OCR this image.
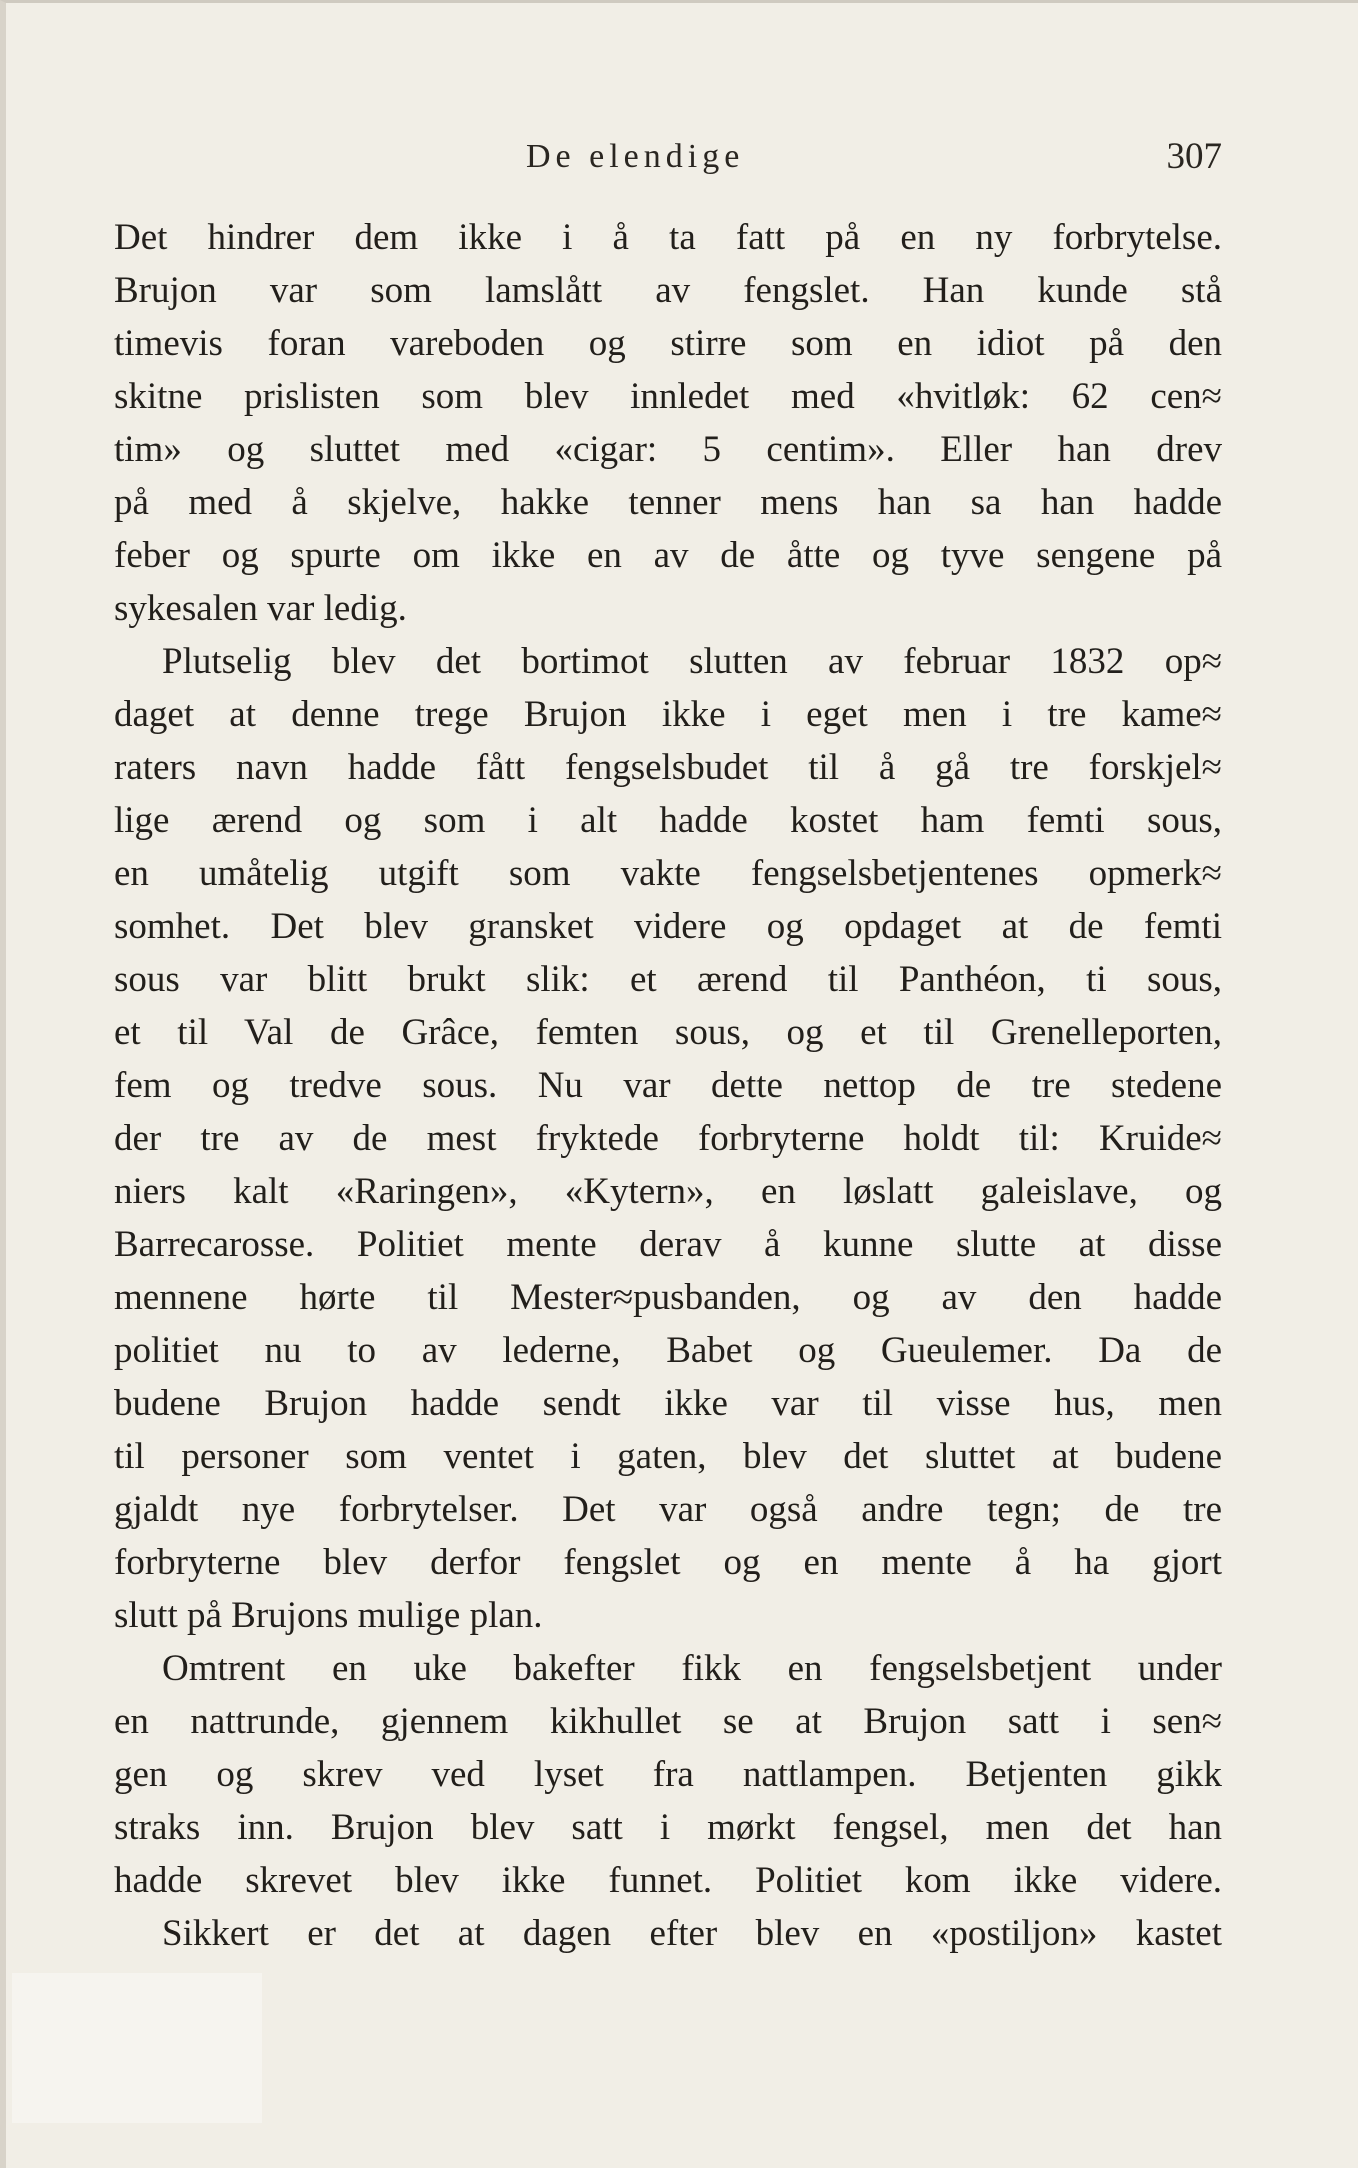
De elendige	307
Det hindrer dem ikke i å ta fatt på en ny forbrytelse.
Brujon var som lamslått av fengslet. Han kunde stå
timevis foran vareboden og stirre som en idiot på den
skitne prislisten som blev innledet med «hvitløk: 62 cen≈
tim» og sluttet med «cigar: 5 centim». Eller han drev
på med å skjelve, hakke tenner mens han sa han hadde
feber og spurte om ikke en av de åtte og tyve sengene på
sykesalen var ledig.
Plutselig blev det bortimot slutten av februar 1832 op≈
daget at denne trege Brujon ikke i eget men i tre kame≈
raters navn hadde fått fengselsbudet til å gå tre forskjel≈
lige ærend og som i alt hadde kostet ham femti sous,
en umåtelig utgift som vakte fengselsbetjentenes opmerk≈
somhet. Det blev gransket videre og opdaget at de femti
sous var blitt brukt slik: et ærend til Panthéon, ti sous,
et til Val de Grâce, femten sous, og et til Grenelleporten,
fem og tredve sous. Nu var dette nettop de tre stedene
der tre av de mest fryktede forbryterne holdt til: Kruide≈
niers kalt «Raringen», «Kytern», en løslatt galeislave, og
Barrecarosse. Politiet mente derav å kunne slutte at disse
mennene hørte til Mester≈pusbanden, og av den hadde
politiet nu to av lederne, Babet og Gueulemer. Da de
budene Brujon hadde sendt ikke var til visse hus, men
til personer som ventet i gaten, blev det sluttet at budene
gjaldt nye forbrytelser. Det var også andre tegn; de tre
forbryterne blev derfor fengslet og en mente å ha gjort
slutt på Brujons mulige plan.
Omtrent en uke bakefter fikk en fengselsbetjent under
en nattrunde, gjennem kikhullet se at Brujon satt i sen≈
gen og skrev ved lyset fra nattlampen. Betjenten gikk
straks inn. Brujon blev satt i mørkt fengsel, men det han
hadde skrevet blev ikke funnet. Politiet kom ikke videre.
Sikkert er det at dagen efter blev en «postiljon» kastet
